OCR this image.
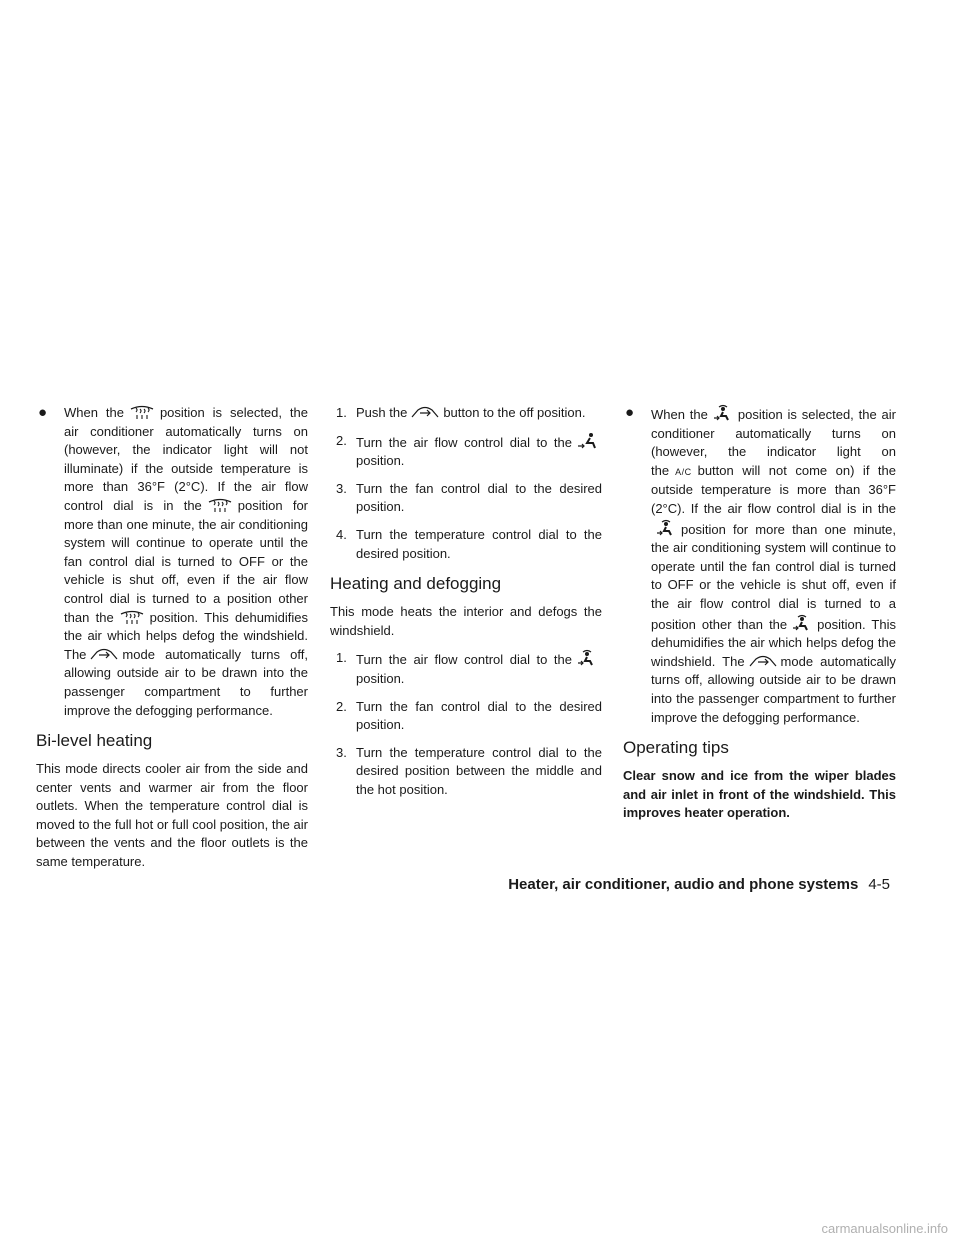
●	When the	position is selected, the air conditioner automatically turns on (however, the indicator light will not illuminate) if the outside temperature is more than 36°F (2°C). If the air flow control dial is in the	position for more than one minute, the air conditioning system will continue to operate until the fan control dial is turned to OFF or the vehicle is shut off, even if the air flow control dial is turned to a position other than the	position. This dehumidifies the air which helps defog the windshield. The	mode automatically turns off, allowing outside air to be drawn into the passenger compartment to further improve the defogging performance.
Bi-level heating

This mode directs cooler air from the side and center vents and warmer air from the floor outlets. When the temperature control dial is moved to the full hot or full cool position, the air between the vents and the floor outlets is the same temperature.

1. Push the	button to the off position.
2. Turn the air flow control dial to the
position.
3. Turn the fan control dial to the desired position.
4. Turn the temperature control dial to the desired position.
Heating and defogging

This mode heats the interior and defogs the windshield.

1. Turn the air flow control dial to the
position.
2. Turn the fan control dial to the desired position.
3. Turn the temperature control dial to the desired position between the middle and the hot position.
●	When the position is selected, the air conditioner automatically turns on (however, the indicator light on the A/C button will not come on) if the outside temperature is more than 36°F (2°C). If the air flow control dial is in the
position for more than one minute, the air conditioning system will continue to operate until the fan control dial is turned to OFF or the vehicle is shut off, even if the air flow control dial is turned to a position other than the position. This dehumidifies the air which helps defog the windshield. The	mode automatically turns off, allowing outside air to be drawn into the passenger compartment to further improve the defogging performance.
Operating tips

Clear snow and ice from the wiper blades and air inlet in front of the windshield. This improves heater operation.

Heater, air conditioner, audio and phone systems 4-5
carmanualsonline.info
